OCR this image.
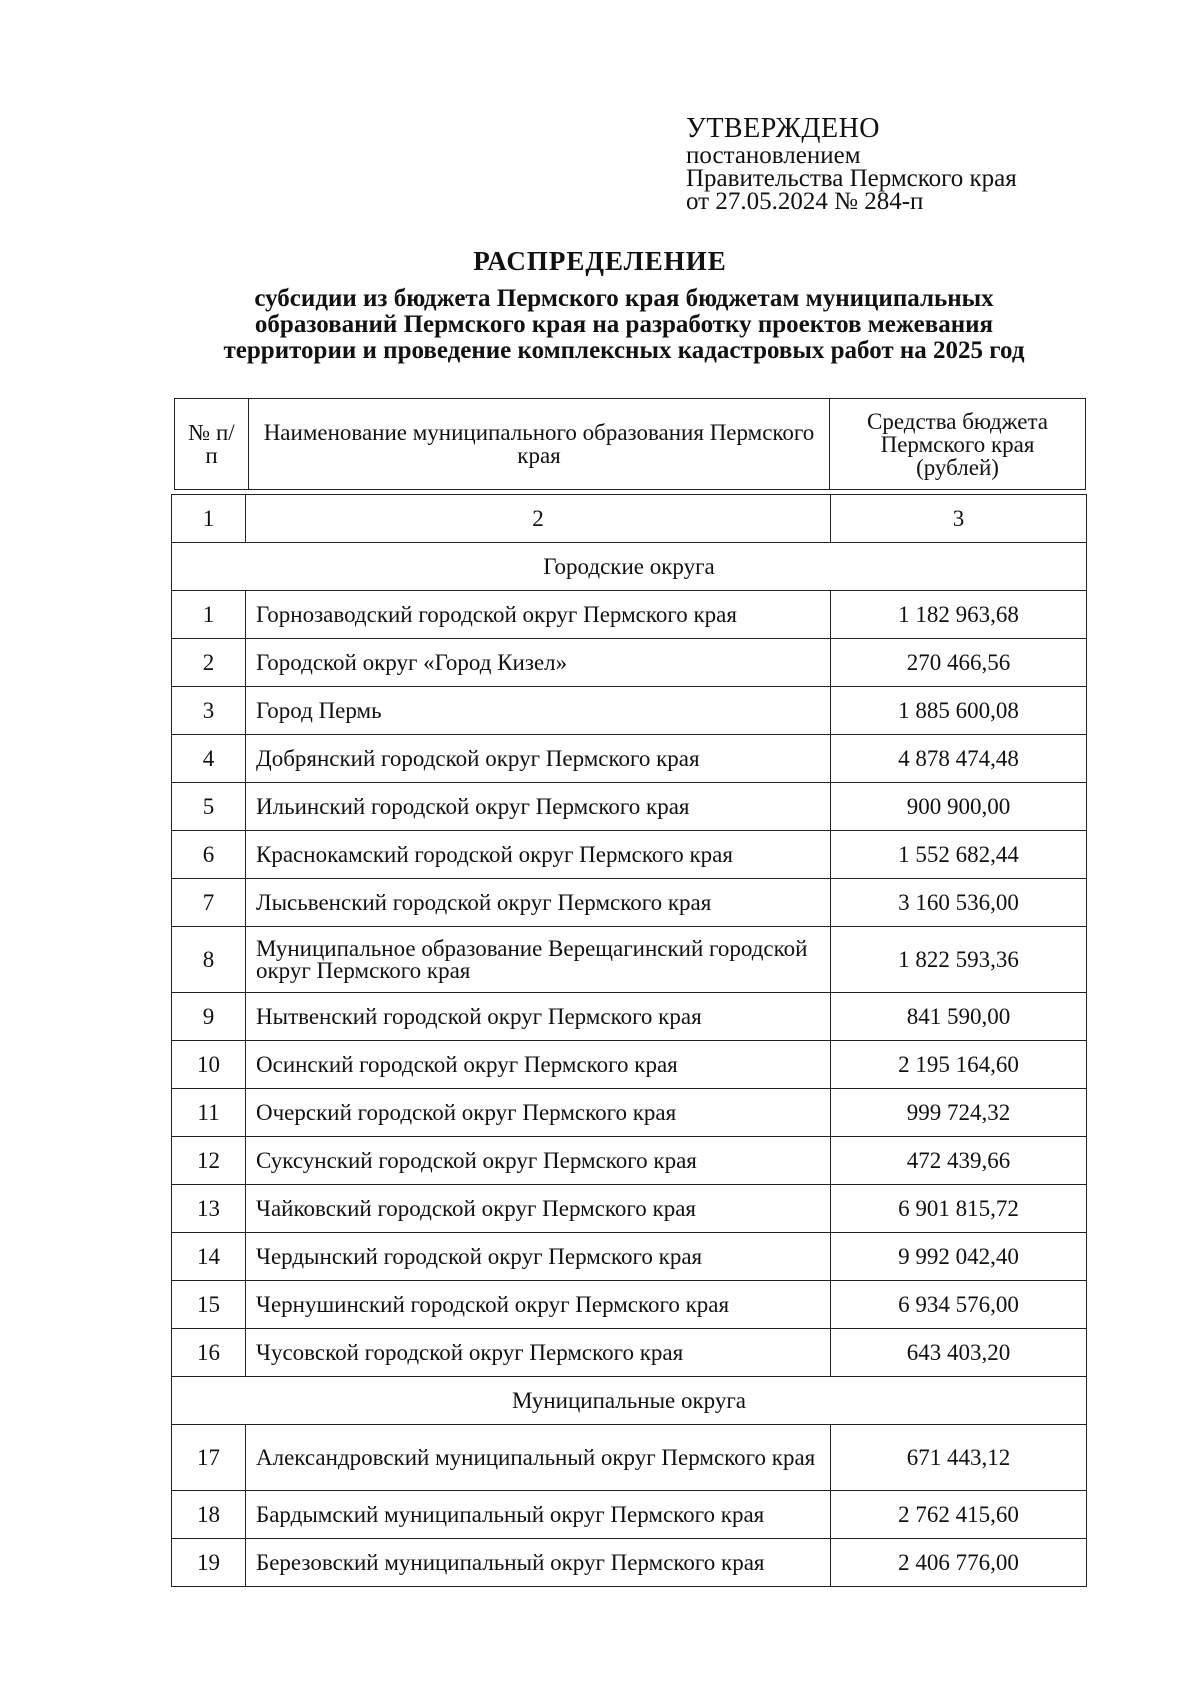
УТВЕРЖДЕНО
постановлением
Правительства Пермского края
от 27.05.2024 № 284-п
РАСПРЕДЕЛЕНИЕ
субсидии из бюджета Пермского края бюджетам муниципальных
образований Пермского края на разработку проектов межевания
территории и проведение комплексных кадастровых работ на 2025 год
№ п/п	Наименование муниципального образования Пермского края	Средства бюджета Пермского края (рублей)
1	2	3
Городские округа		
1	Горнозаводский городской округ Пермского края	1 182 963,68
2	Городской округ «Город Кизел»	270 466,56
3	Город Пермь	1 885 600,08
4	Добрянский городской округ Пермского края	4 878 474,48
5	Ильинский городской округ Пермского края	900 900,00
6	Краснокамский городской округ Пермского края	1 552 682,44
7	Лысьвенский городской округ Пермского края	3 160 536,00
8	Муниципальное образование Верещагинский городской округ Пермского края	1 822 593,36
9	Нытвенский городской округ Пермского края	841 590,00
10	Осинский городской округ Пермского края	2 195 164,60
11	Очерский городской округ Пермского края	999 724,32
12	Суксунский городской округ Пермского края	472 439,66
13	Чайковский городской округ Пермского края	6 901 815,72
14	Чердынский городской округ Пермского края	9 992 042,40
15	Чернушинский городской округ Пермского края	6 934 576,00
16	Чусовской городской округ Пермского края	643 403,20
Муниципальные округа		
17	Александровский муниципальный округ Пермского края	671 443,12
18	Бардымский муниципальный округ Пермского края	2 762 415,60
19	Березовский муниципальный округ Пермского края	2 406 776,00
